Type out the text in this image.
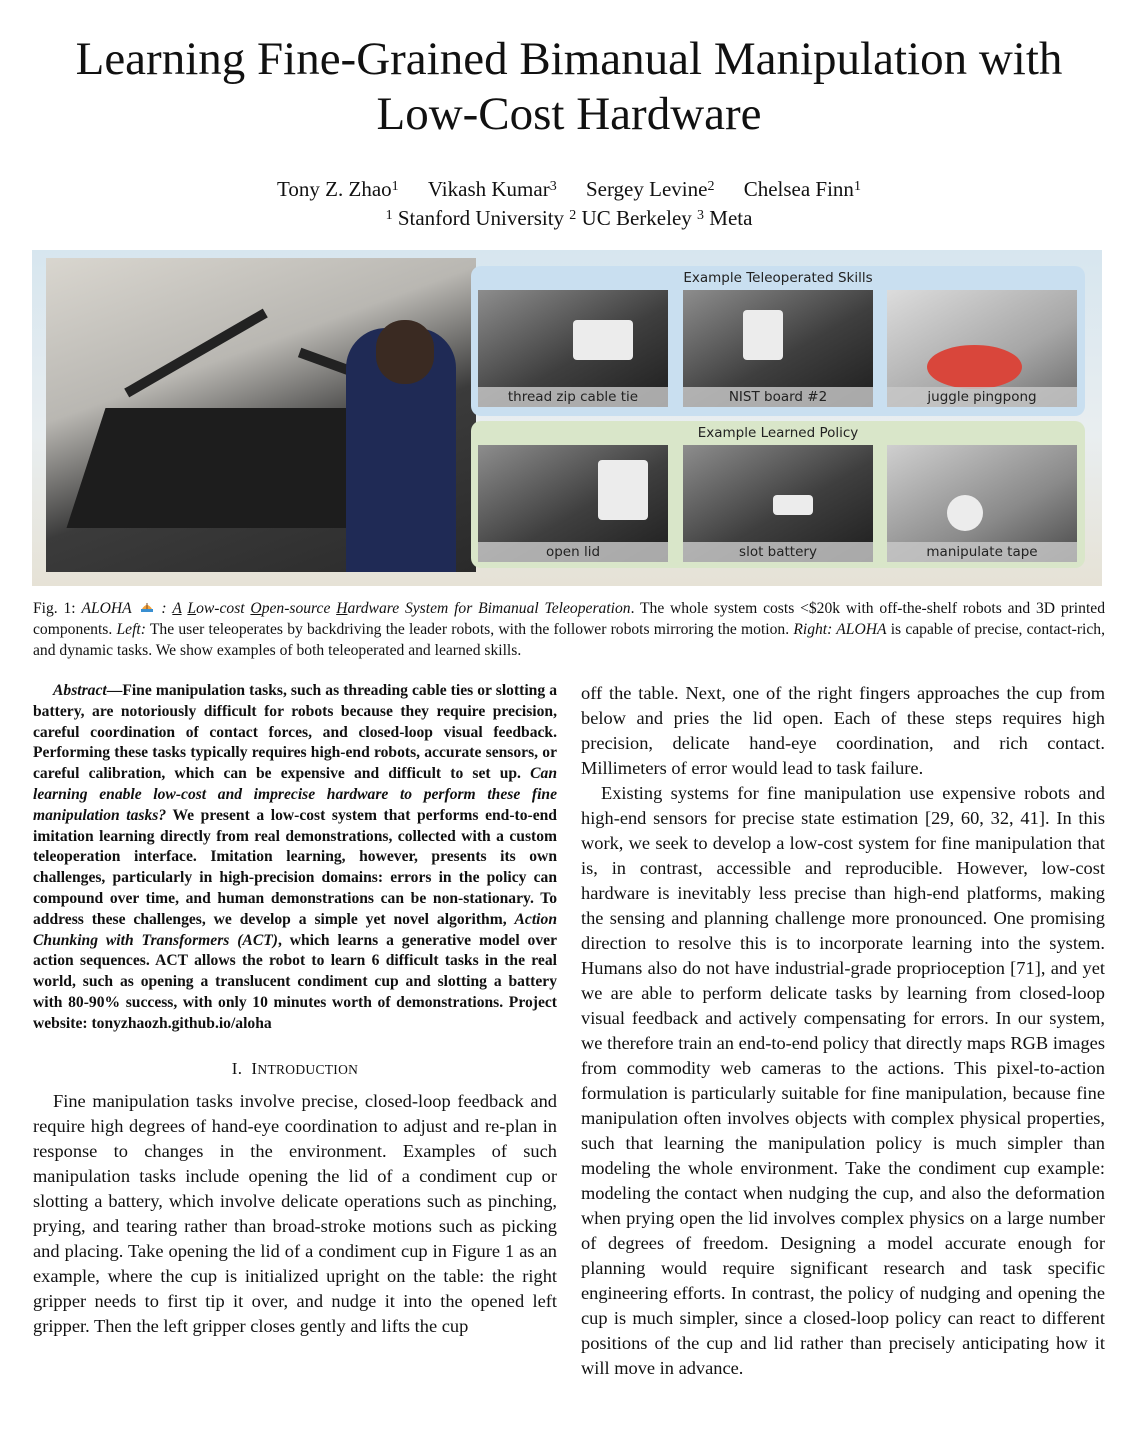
Learning Fine-Grained Bimanual Manipulation with
Low-Cost Hardware
Tony Z. Zhao$^1$ Vikash Kumar$^3$ Sergey Levine$^2$ Chelsea Finn$^1$
$^1$ Stanford University $^2$ UC Berkeley $^3$ Meta
Example Teleoperated Skills
thread zip cable tie	NIST board #2	juggle pingpong
Example Learned Policy
open lid	slot battery	manipulate tape
Fig. 1: ALOHA : A Low-cost Open-source Hardware System for Bimanual Teleoperation. The whole system costs <$20k with off-the-shelf robots and 3D printed components. Left: The user teleoperates by backdriving the leader robots, with the follower robots mirroring the motion. Right: ALOHA is capable of precise, contact-rich, and dynamic tasks. We show examples of both teleoperated and learned skills.

Abstract—Fine manipulation tasks, such as threading cable ties or slotting a battery, are notoriously difficult for robots because they require precision, careful coordination of contact forces, and closed-loop visual feedback. Performing these tasks typically requires high-end robots, accurate sensors, or careful calibration, which can be expensive and difficult to set up. Can learning enable low-cost and imprecise hardware to perform these fine manipulation tasks? We present a low-cost system that performs end-to-end imitation learning directly from real demonstrations, collected with a custom teleoperation interface. Imitation learning, however, presents its own challenges, particularly in high-precision domains: errors in the policy can compound over time, and human demonstrations can be non-stationary. To address these challenges, we develop a simple yet novel algorithm, Action Chunking with Transformers (ACT), which learns a generative model over action sequences. ACT allows the robot to learn 6 difficult tasks in the real world, such as opening a translucent condiment cup and slotting a battery with 80-90% success, with only 10 minutes worth of demonstrations. Project website: tonyzhaozh.github.io/aloha

I. INTRODUCTION

Fine manipulation tasks involve precise, closed-loop feedback and require high degrees of hand-eye coordination to adjust and re-plan in response to changes in the environment. Examples of such manipulation tasks include opening the lid of a condiment cup or slotting a battery, which involve delicate operations such as pinching, prying, and tearing rather than broad-stroke motions such as picking and placing. Take opening the lid of a condiment cup in Figure 1 as an example, where the cup is initialized upright on the table: the right gripper needs to first tip it over, and nudge it into the opened left gripper. Then the left gripper closes gently and lifts the cup

off the table. Next, one of the right fingers approaches the cup from below and pries the lid open. Each of these steps requires high precision, delicate hand-eye coordination, and rich contact. Millimeters of error would lead to task failure.

Existing systems for fine manipulation use expensive robots and high-end sensors for precise state estimation [29, 60, 32, 41]. In this work, we seek to develop a low-cost system for fine manipulation that is, in contrast, accessible and reproducible. However, low-cost hardware is inevitably less precise than high-end platforms, making the sensing and planning challenge more pronounced. One promising direction to resolve this is to incorporate learning into the system. Humans also do not have industrial-grade proprioception [71], and yet we are able to perform delicate tasks by learning from closed-loop visual feedback and actively compensating for errors. In our system, we therefore train an end-to-end policy that directly maps RGB images from commodity web cameras to the actions. This pixel-to-action formulation is particularly suitable for fine manipulation, because fine manipulation often involves objects with complex physical properties, such that learning the manipulation policy is much simpler than modeling the whole environment. Take the condiment cup example: modeling the contact when nudging the cup, and also the deformation when prying open the lid involves complex physics on a large number of degrees of freedom. Designing a model accurate enough for planning would require significant research and task specific engineering efforts. In contrast, the policy of nudging and opening the cup is much simpler, since a closed-loop policy can react to different positions of the cup and lid rather than precisely anticipating how it will move in advance.
